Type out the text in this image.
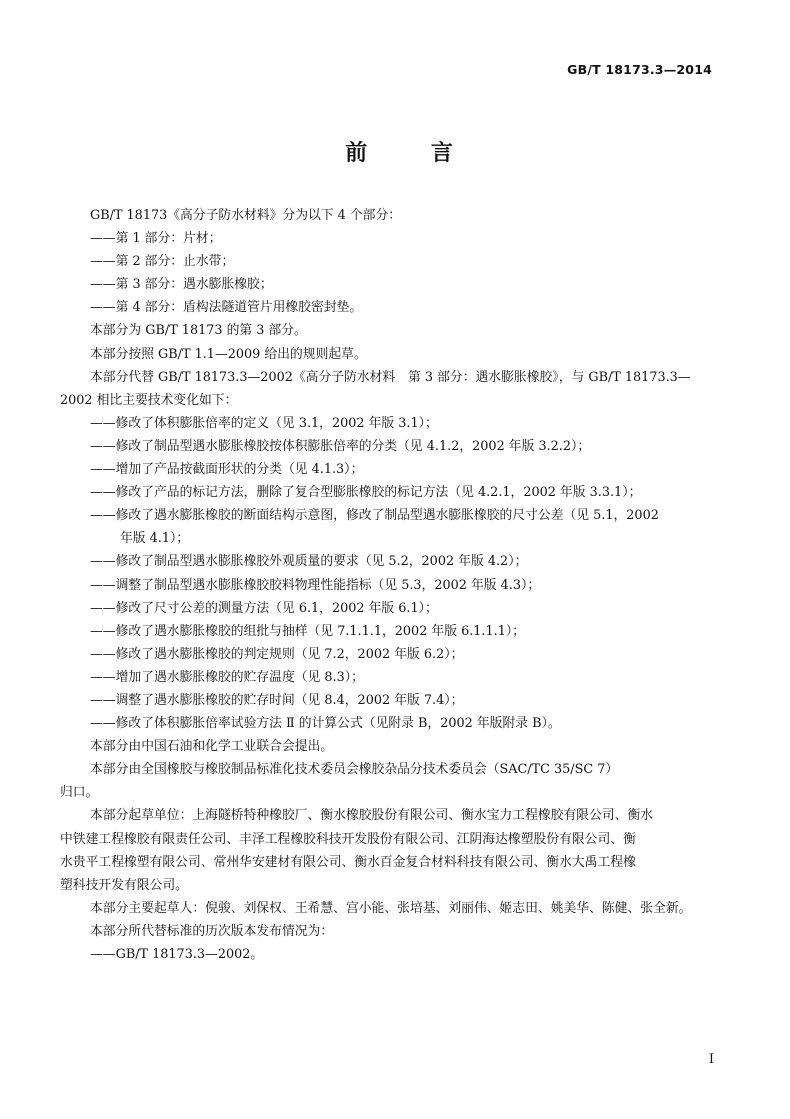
GB/T 18173.3—2014
前 言

GB/T 18173《高分子防水材料》分为以下 4 个部分：

——第 1 部分：片材；

——第 2 部分：止水带；

——第 3 部分：遇水膨胀橡胶；

——第 4 部分：盾构法隧道管片用橡胶密封垫。

本部分为 GB/T 18173 的第 3 部分。

本部分按照 GB/T 1.1—2009 给出的规则起草。

本部分代替 GB/T 18173.3—2002《高分子防水材料　第 3 部分：遇水膨胀橡胶》，与 GB/T 18173.3—

2002 相比主要技术变化如下：

——修改了体积膨胀倍率的定义（见 3.1，2002 年版 3.1）；

——修改了制品型遇水膨胀橡胶按体积膨胀倍率的分类（见 4.1.2，2002 年版 3.2.2）；

——增加了产品按截面形状的分类（见 4.1.3）；

——修改了产品的标记方法，删除了复合型膨胀橡胶的标记方法（见 4.2.1，2002 年版 3.3.1）；

——修改了遇水膨胀橡胶的断面结构示意图，修改了制品型遇水膨胀橡胶的尺寸公差（见 5.1，2002

年版 4.1）；

——修改了制品型遇水膨胀橡胶外观质量的要求（见 5.2，2002 年版 4.2）；

——调整了制品型遇水膨胀橡胶胶料物理性能指标（见 5.3，2002 年版 4.3）；

——修改了尺寸公差的测量方法（见 6.1，2002 年版 6.1）；

——修改了遇水膨胀橡胶的组批与抽样（见 7.1.1.1，2002 年版 6.1.1.1）；

——修改了遇水膨胀橡胶的判定规则（见 7.2，2002 年版 6.2）；

——增加了遇水膨胀橡胶的贮存温度（见 8.3）；

——调整了遇水膨胀橡胶的贮存时间（见 8.4，2002 年版 7.4）；

——修改了体积膨胀倍率试验方法 Ⅱ 的计算公式（见附录 B，2002 年版附录 B）。

本部分由中国石油和化学工业联合会提出。

本部分由全国橡胶与橡胶制品标准化技术委员会橡胶杂品分技术委员会（SAC/TC 35/SC 7）

归口。

本部分起草单位：上海隧桥特种橡胶厂、衡水橡胶股份有限公司、衡水宝力工程橡胶有限公司、衡水

中铁建工程橡胶有限责任公司、丰泽工程橡胶科技开发股份有限公司、江阴海达橡塑股份有限公司、衡

水贵平工程橡塑有限公司、常州华安建材有限公司、衡水百金复合材料科技有限公司、衡水大禹工程橡

塑科技开发有限公司。

本部分主要起草人：倪骏、刘保权、王希慧、宫小能、张培基、刘丽伟、姬志田、姚美华、陈健、张全新。

本部分所代替标准的历次版本发布情况为：

——GB/T 18173.3—2002。

I
